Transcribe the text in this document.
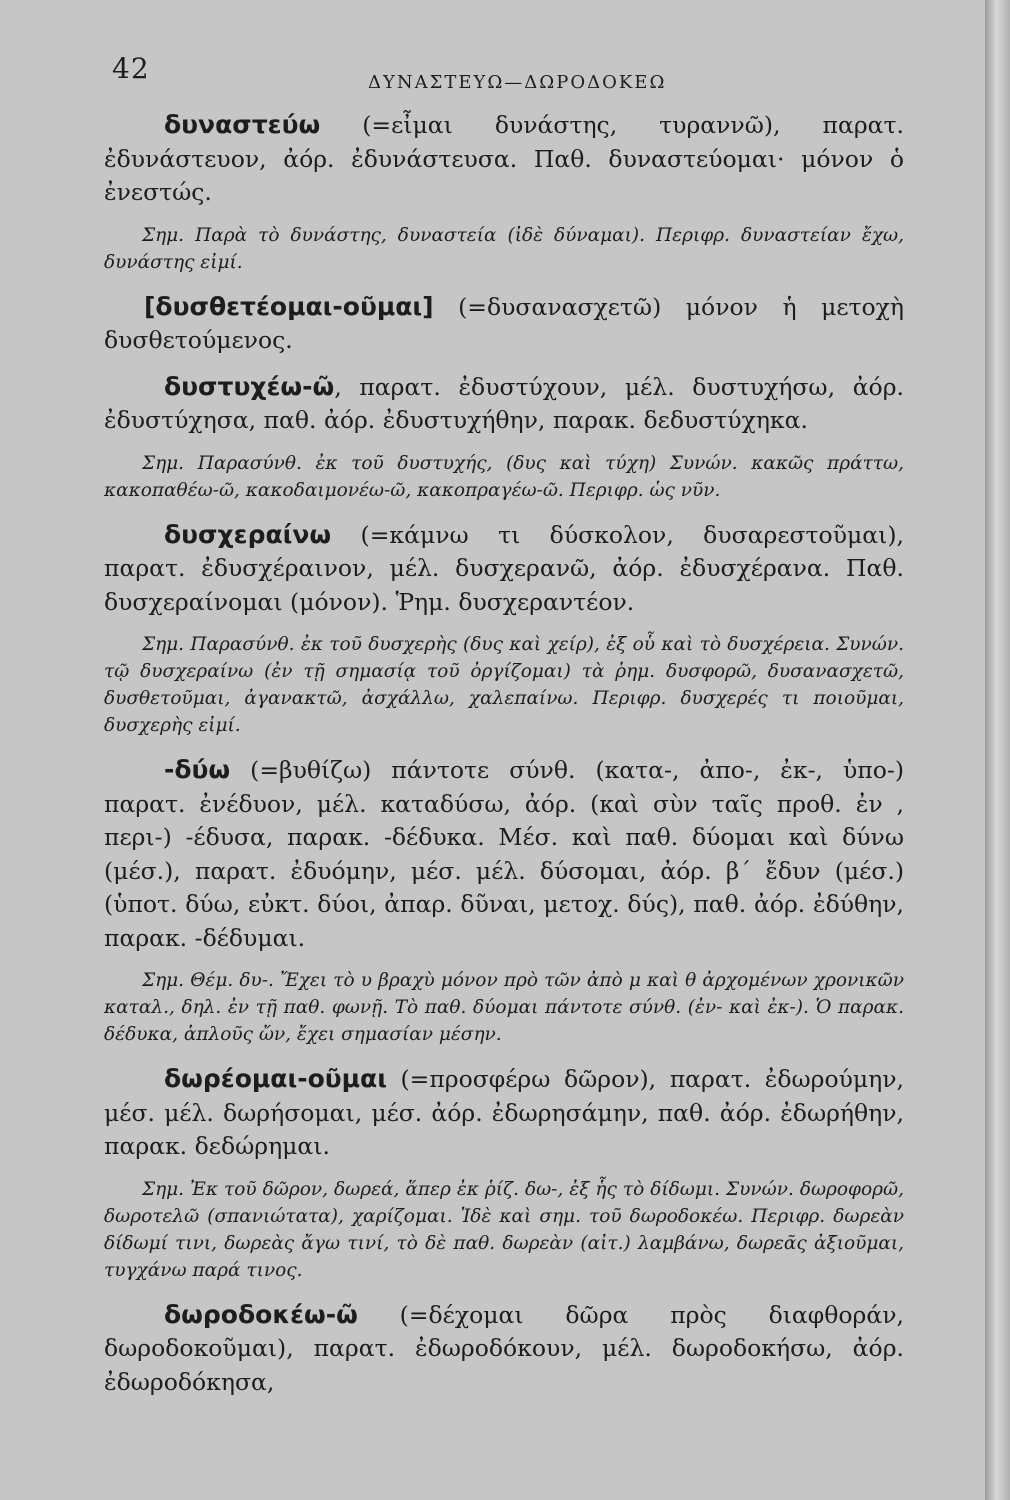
42	ΔΥΝΑΣΤΕΥΩ—ΔΩΡΟΔΟΚΕΩ

δυναστεύω (=εἶμαι δυνάστης, τυραννῶ), παρατ. ἐδυνάστευον, ἀόρ. ἐδυνάστευσα. Παθ. δυναστεύομαι· μόνον ὁ ἐνεστώς.

Σημ. Παρὰ τὸ δυνάστης, δυναστεία (ἰδὲ δύναμαι). Περιφρ. δυναστείαν ἔχω, δυνάστης εἰμί.

[δυσθετέομαι-οῦμαι] (=δυσανασχετῶ) μόνον ἡ μετοχὴ δυσθετούμενος.

δυστυχέω-ῶ, παρατ. ἐδυστύχουν, μέλ. δυστυχήσω, ἀόρ. ἐδυστύχησα, παθ. ἀόρ. ἐδυστυχήθην, παρακ. δεδυστύχηκα.

Σημ. Παρασύνθ. ἐκ τοῦ δυστυχής, (δυς καὶ τύχη) Συνών. κακῶς πράττω, κακοπαθέω-ῶ, κακοδαιμονέω-ῶ, κακοπραγέω-ῶ. Περιφρ. ὡς νῦν.

δυσχεραίνω (=κάμνω τι δύσκολον, δυσαρεστοῦμαι), παρατ. ἐδυσχέραινον, μέλ. δυσχερανῶ, ἀόρ. ἐδυσχέρανα. Παθ. δυσχεραίνομαι (μόνον). Ῥημ. δυσχεραντέον.

Σημ. Παρασύνθ. ἐκ τοῦ δυσχερὴς (δυς καὶ χείρ), ἐξ οὗ καὶ τὸ δυσχέρεια. Συνών. τῷ δυσχεραίνω (ἐν τῇ σημασίᾳ τοῦ ὀργίζομαι) τὰ ῥημ. δυσφορῶ, δυσανασχετῶ, δυσθετοῦμαι, ἀγανακτῶ, ἀσχάλλω, χαλεπαίνω. Περιφρ. δυσχερές τι ποιοῦμαι, δυσχερὴς εἰμί.

-δύω (=βυθίζω) πάντοτε σύνθ. (κατα-, ἀπο-, ἐκ-, ὑπο-) παρατ. ἐνέδυον, μέλ. καταδύσω, ἀόρ. (καὶ σὺν ταῖς προθ. ἐν , περι-) -έδυσα, παρακ. -δέδυκα. Μέσ. καὶ παθ. δύομαι καὶ δύνω (μέσ.), παρατ. ἐδυόμην, μέσ. μέλ. δύσομαι, ἀόρ. β΄ ἔδυν (μέσ.) (ὑποτ. δύω, εὐκτ. δύοι, ἀπαρ. δῦναι, μετοχ. δύς), παθ. ἀόρ. ἐδύθην, παρακ. -δέδυμαι.

Σημ. Θέμ. δυ-. Ἔχει τὸ υ βραχὺ μόνον πρὸ τῶν ἀπὸ μ καὶ θ ἀρχομένων χρονικῶν καταλ., δηλ. ἐν τῇ παθ. φωνῇ. Τὸ παθ. δύομαι πάντοτε σύνθ. (ἐν- καὶ ἐκ-). Ὁ παρακ. δέδυκα, ἁπλοῦς ὤν, ἔχει σημασίαν μέσην.

δωρέομαι-οῦμαι (=προσφέρω δῶρον), παρατ. ἐδωρούμην, μέσ. μέλ. δωρήσομαι, μέσ. ἀόρ. ἐδωρησάμην, παθ. ἀόρ. ἐδωρήθην, παρακ. δεδώρημαι.

Σημ. Ἐκ τοῦ δῶρον, δωρεά, ἅπερ ἐκ ῥίζ. δω-, ἐξ ἧς τὸ δίδωμι. Συνών. δωροφορῶ, δωροτελῶ (σπανιώτατα), χαρίζομαι. Ἰδὲ καὶ σημ. τοῦ δωροδοκέω. Περιφρ. δωρεὰν δίδωμί τινι, δωρεὰς ἄγω τινί, τὸ δὲ παθ. δωρεὰν (αἰτ.) λαμβάνω, δωρεᾶς ἀξιοῦμαι, τυγχάνω παρά τινος.

δωροδοκέω-ῶ (=δέχομαι δῶρα πρὸς διαφθοράν, δωροδοκοῦμαι), παρατ. ἐδωροδόκουν, μέλ. δωροδοκήσω, ἀόρ. ἐδωροδόκησα,
